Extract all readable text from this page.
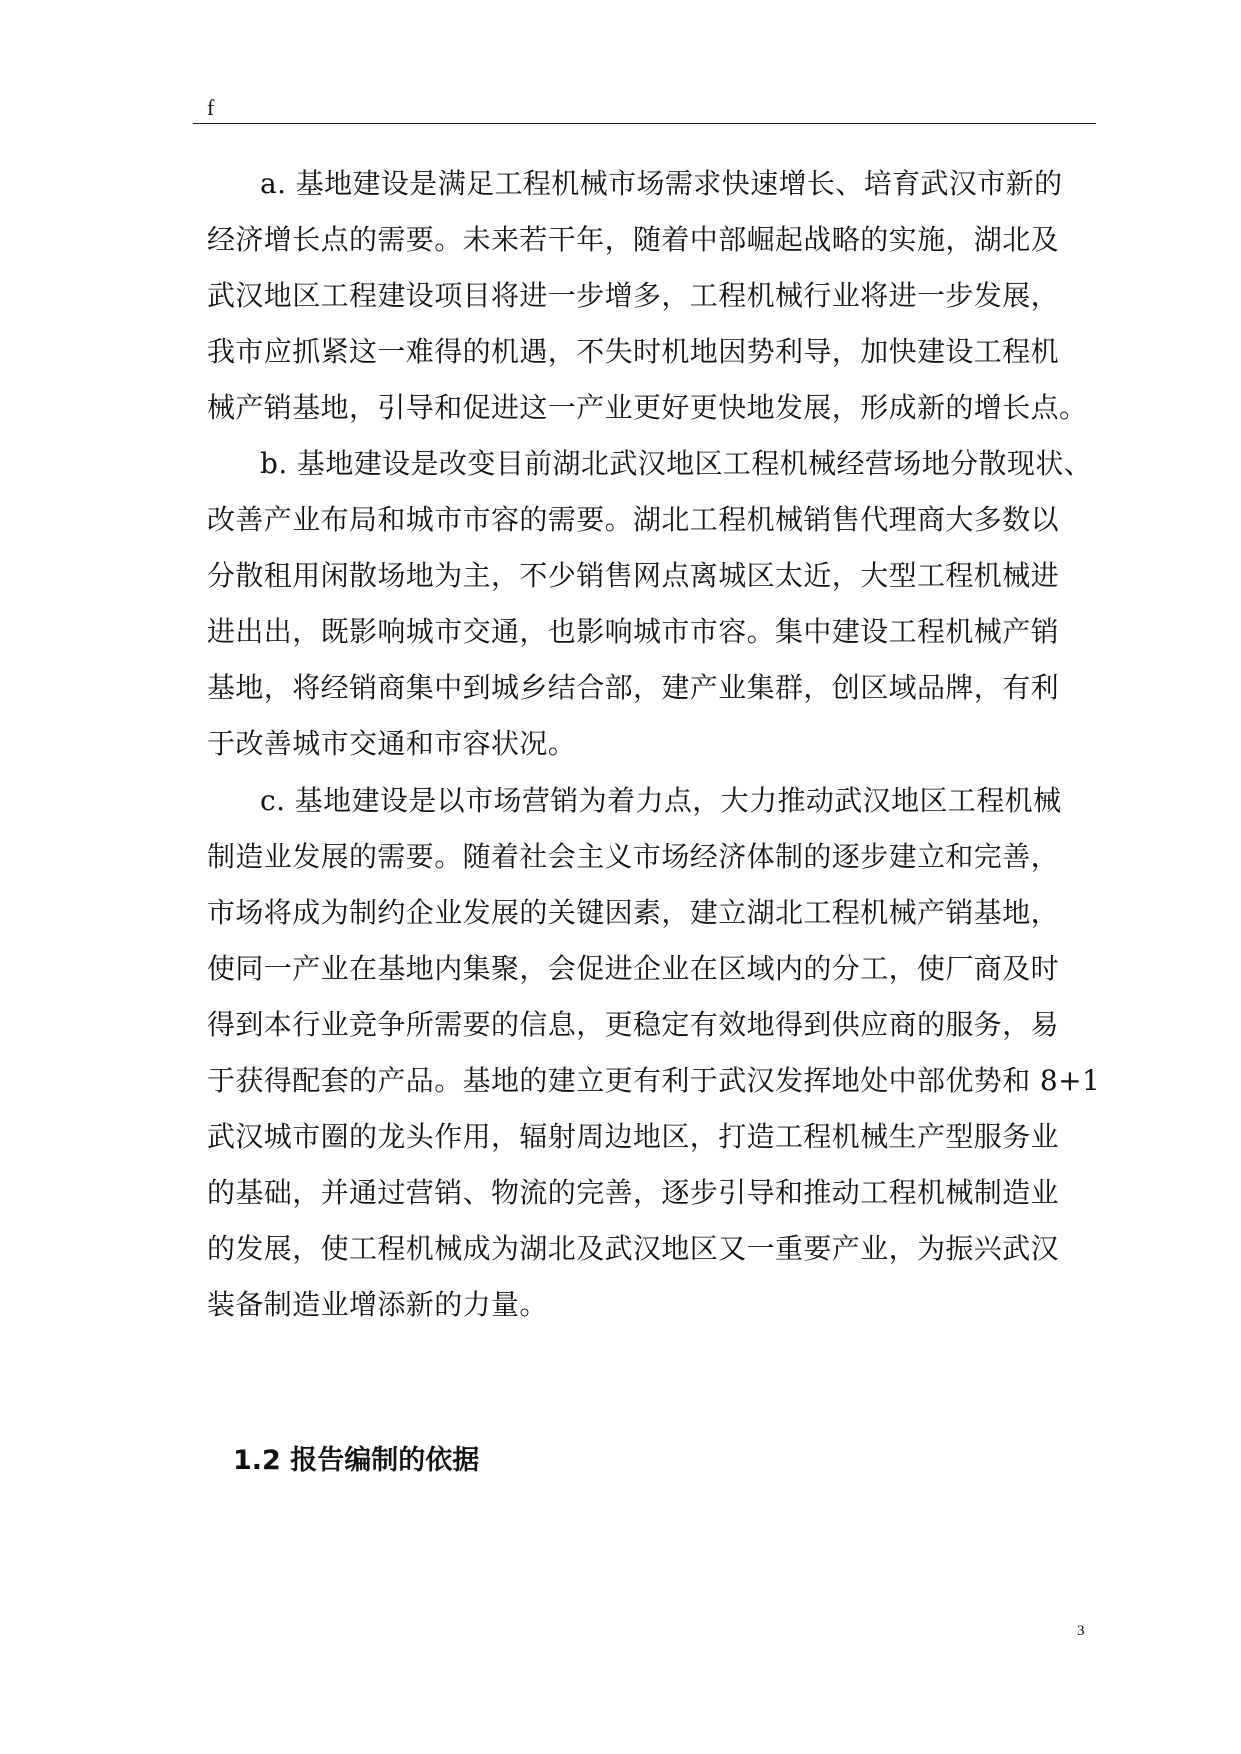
f
a. 基地建设是满足工程机械市场需求快速增长、培育武汉市新的
经济增长点的需要。未来若干年，随着中部崛起战略的实施，湖北及
武汉地区工程建设项目将进一步增多，工程机械行业将进一步发展，
我市应抓紧这一难得的机遇，不失时机地因势利导，加快建设工程机
械产销基地，引导和促进这一产业更好更快地发展，形成新的增长点。
b. 基地建设是改变目前湖北武汉地区工程机械经营场地分散现状、
改善产业布局和城市市容的需要。湖北工程机械销售代理商大多数以
分散租用闲散场地为主，不少销售网点离城区太近，大型工程机械进
进出出，既影响城市交通，也影响城市市容。集中建设工程机械产销
基地，将经销商集中到城乡结合部，建产业集群，创区域品牌，有利
于改善城市交通和市容状况。
c. 基地建设是以市场营销为着力点，大力推动武汉地区工程机械
制造业发展的需要。随着社会主义市场经济体制的逐步建立和完善，
市场将成为制约企业发展的关键因素，建立湖北工程机械产销基地，
使同一产业在基地内集聚，会促进企业在区域内的分工，使厂商及时
得到本行业竞争所需要的信息，更稳定有效地得到供应商的服务，易
于获得配套的产品。基地的建立更有利于武汉发挥地处中部优势和 8+1
武汉城市圈的龙头作用，辐射周边地区，打造工程机械生产型服务业
的基础，并通过营销、物流的完善，逐步引导和推动工程机械制造业
的发展，使工程机械成为湖北及武汉地区又一重要产业，为振兴武汉
装备制造业增添新的力量。
1.2 报告编制的依据
3
